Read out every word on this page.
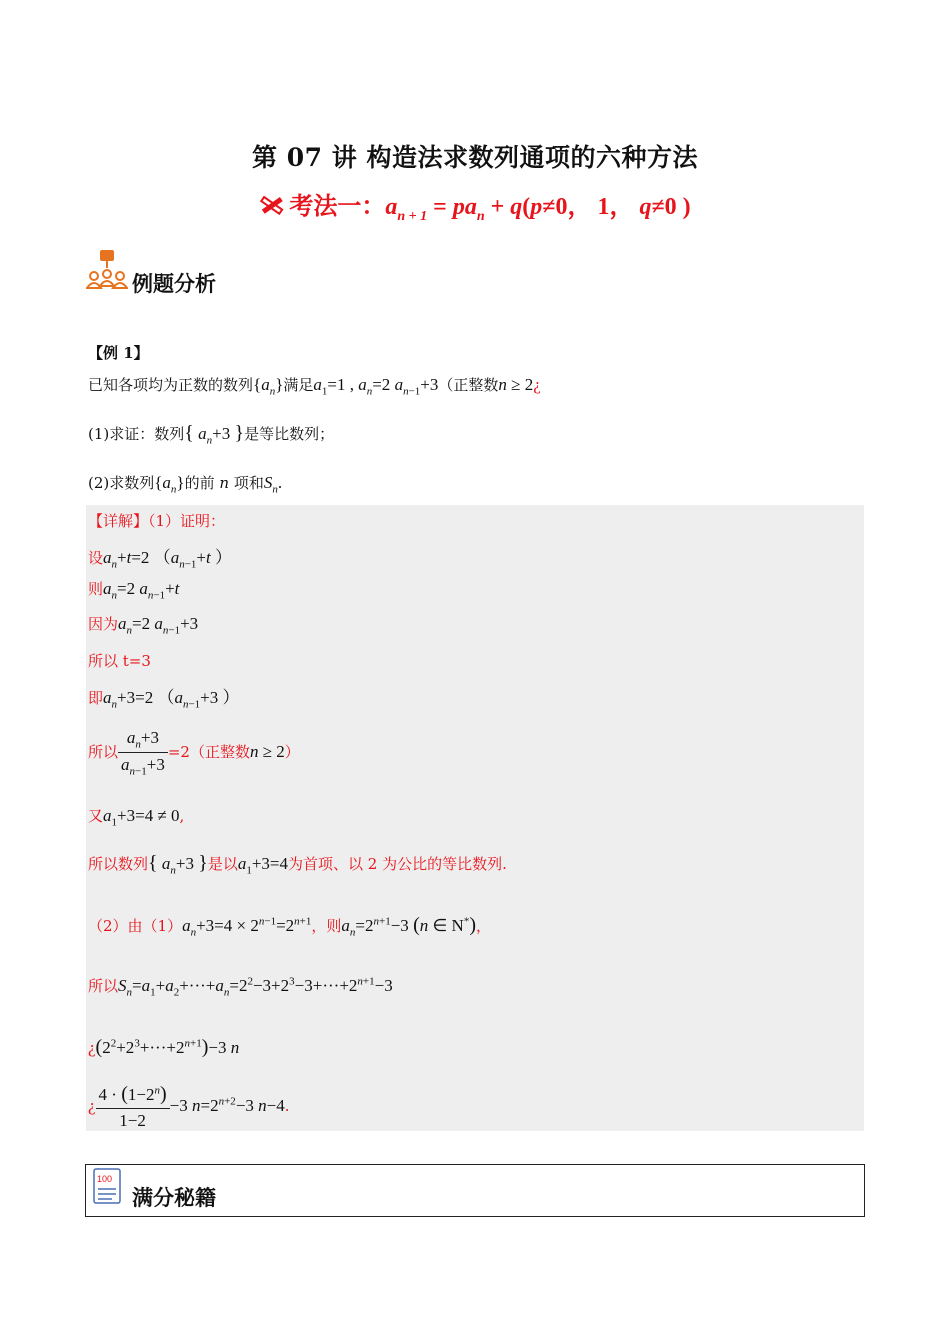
第 07 讲 构造法求数列通项的六种方法
考法一：$a_{n + 1} = pa_n + q(p\ne 0$， 1， q≠0 )
例题分析
【例 1】
已知各项均为正数的数列$\{a_n\}$满足$a_1=1$ , $a_n=2$ $a_{n-1}+3$（正整数n ≥ 2¿
(1)求证：数列{ $a_n+3$ }是等比数列；
(2)求数列$\{a_n\}$的前 n 项和$S_n$.
【详解】（1）证明：
设$a_n+t=2$ （$a_{n-1}+t$ ）
则$a_n=2$ $a_{n-1}+t$
因为$a_n=2$ $a_{n-1}+3$
所以 t=3
即$a_n+3=2$ （$a_{n-1}+3$ ）
所以 $\frac{a_n+3}{a_{n-1}+3} =2$（正整数n ≥ 2）
又$a_1+3=4 \ne 0$,
所以数列{ $a_n+3$ }是以$a_1+3=4$为首项、以 2 为公比的等比数列.
（2）由$(1)a_n+3=4 \times 2^{n-1}=2^{n+1}$，则$a_n=2^{n+1}-3$ (n ∈ N*)，
所以$S_n=a_1+a_2+\cdot\cdot\cdot+a_n=2^2-3+2^3-3+\cdot\cdot\cdot+2^{n+1}-3$
¿$(2^2+2^3+\cdot\cdot\cdot+2^{n+1})-3$ n
¿ $\frac{4 \cdot (1-2^n)}{1-2} -3$ $n=2^{n+2}-3$ n−4.
100
满分秘籍
